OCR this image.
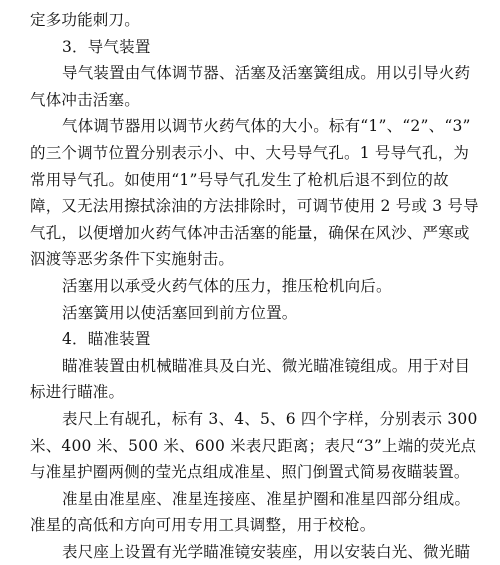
定多功能刺刀。
3．导气装置
导气装置由气体调节器、活塞及活塞簧组成。用以引导火药
气体冲击活塞。
气体调节器用以调节火药气体的大小。标有“1”、“2”、“3”
的三个调节位置分别表示小、中、大号导气孔。1 号导气孔，为
常用导气孔。如使用“1”号导气孔发生了枪机后退不到位的故
障，又无法用擦拭涂油的方法排除时，可调节使用 2 号或 3 号导
气孔，以便增加火药气体冲击活塞的能量，确保在风沙、严寒或
泅渡等恶劣条件下实施射击。
活塞用以承受火药气体的压力，推压枪机向后。
活塞簧用以使活塞回到前方位置。
4．瞄准装置
瞄准装置由机械瞄准具及白光、微光瞄准镜组成。用于对目
标进行瞄准。
表尺上有觇孔，标有 3、4、5、6 四个字样，分别表示 300
米、400 米、500 米、600 米表尺距离；表尺“3”上端的荧光点
与准星护圈两侧的莹光点组成准星、照门倒置式简易夜瞄装置。
准星由准星座、准星连接座、准星护圈和准星四部分组成。
准星的高低和方向可用专用工具调整，用于校枪。
表尺座上设置有光学瞄准镜安装座，用以安装白光、微光瞄
